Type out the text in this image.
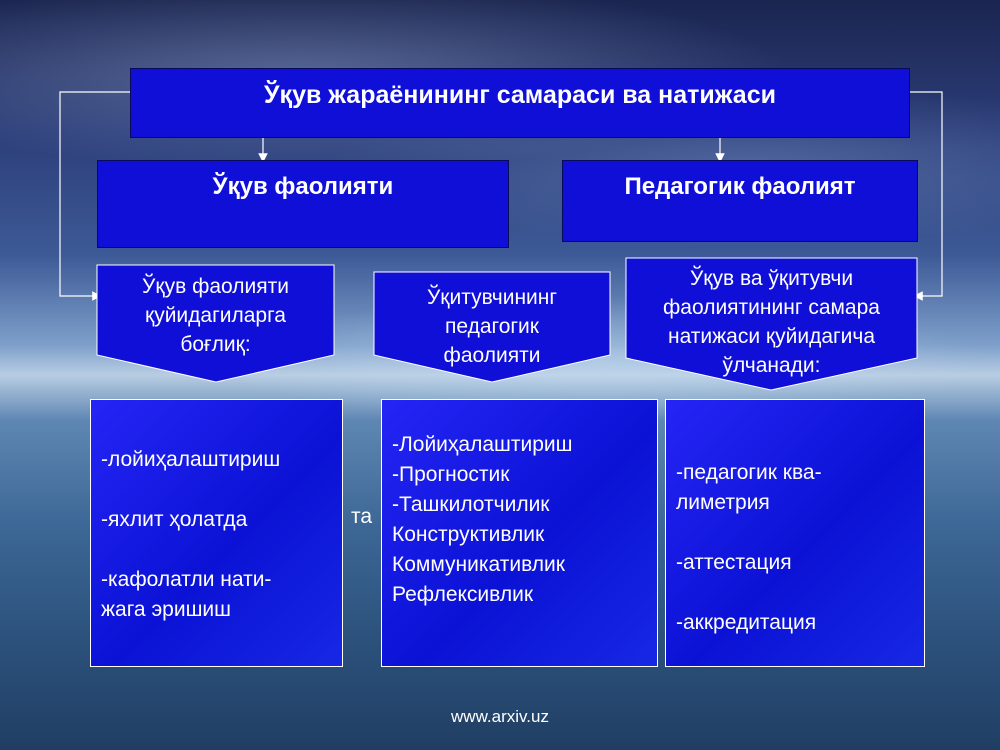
Ўқув жараёнининг самараси ва натижаси
Ўқув фаолияти	Педагогик фаолият
Ўқув фаолияти
қуйидагиларга
боғлиқ:
Ўқитувчининг
педагогик
фаолияти
Ўқув ва ўқитувчи
фаолиятининг самара
натижаси қуйидагича
ўлчанади:
-лойиҳалаштириш

-яхлит ҳолатда

-кафолатли нати-
жага эришиш
та
-Лойиҳалаштириш
-Прогностик
-Ташкилотчилик
Конструктивлик
Коммуникативлик
Рефлексивлик
-педагогик ква-
лиметрия

-аттестация

-аккредитация
www.arxiv.uz
